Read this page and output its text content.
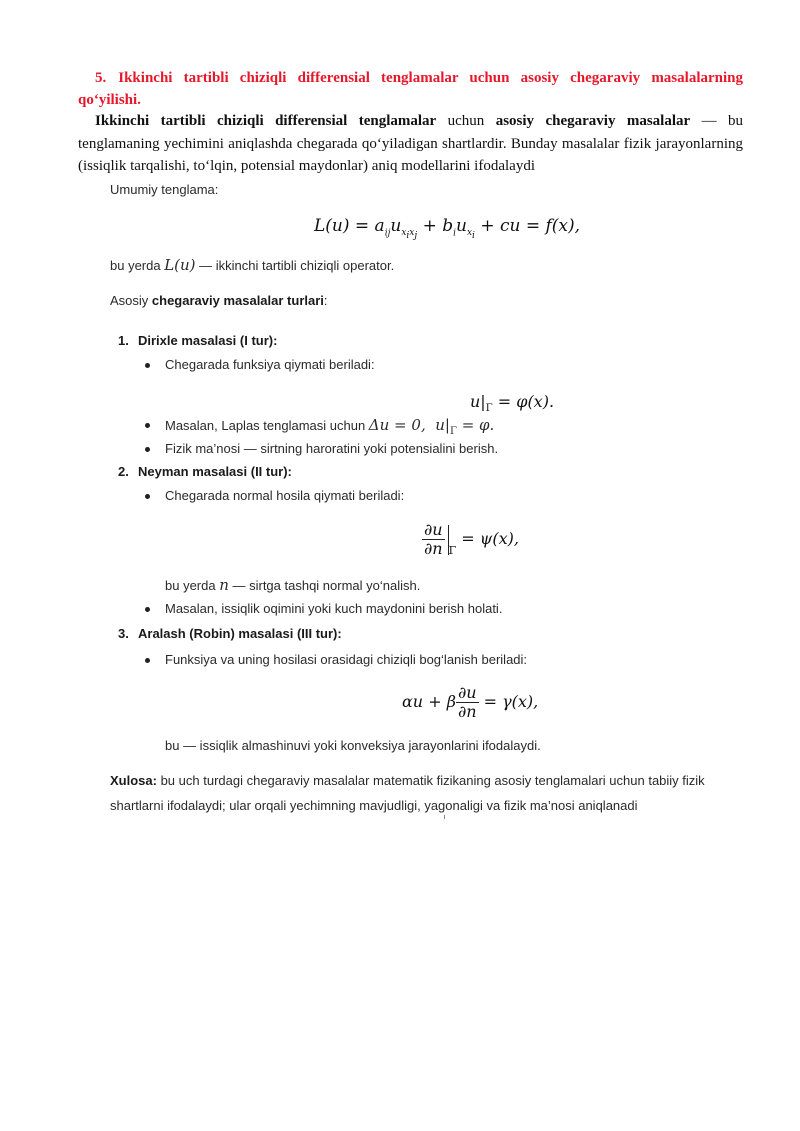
5. Ikkinchi tartibli chiziqli differensial tenglamalar uchun asosiy chegaraviy masalalarning qo‘yilishi.
Ikkinchi tartibli chiziqli differensial tenglamalar uchun asosiy chegaraviy masalalar — bu tenglamaning yechimini aniqlashda chegarada qo‘yiladigan shartlardir. Bunday masalalar fizik jarayonlarning (issiqlik tarqalishi, to‘lqin, potensial maydonlar) aniq modellarini ifodalaydi
Umumiy tenglama:
$L(u) = a_{ij}u_{x_ix_j} + b_iu_{x_i}$ + cu = f(x),
bu yerda L(u) — ikkinchi tartibli chiziqli operator.
Asosiy chegaraviy masalalar turlari:
1. Dirixle masalasi (I tur):
Chegarada funksiya qiymati beriladi:
$u|_\Gamma = \varphi(x)$.
Masalan, Laplas tenglamasi uchun Δu = 0,  $u|_\Gamma = \varphi$.
Fizik ma’nosi — sirtning haroratini yoki potensialini berish.
2. Neyman masalasi (II tur):
Chegarada normal hosila qiymati beriladi:
$\frac{\partial u}{\partial n} _\Gamma = \psi(x)$,
bu yerda n — sirtga tashqi normal yo‘nalish.
Masalan, issiqlik oqimini yoki kuch maydonini berish holati.
3. Aralash (Robin) masalasi (III tur):
Funksiya va uning hosilasi orasidagi chiziqli bog‘lanish beriladi:
αu + β $\frac{\partial u}{\partial n} = \gamma(x)$,
bu — issiqlik almashinuvi yoki konveksiya jarayonlarini ifodalaydi.
Xulosa: bu uch turdagi chegaraviy masalalar matematik fizikaning asosiy tenglamalari uchun tabiiy fizik shartlarni ifodalaydi; ular orqali yechimning mavjudligi, yagonaligi va fizik ma’nosi aniqlanadi
